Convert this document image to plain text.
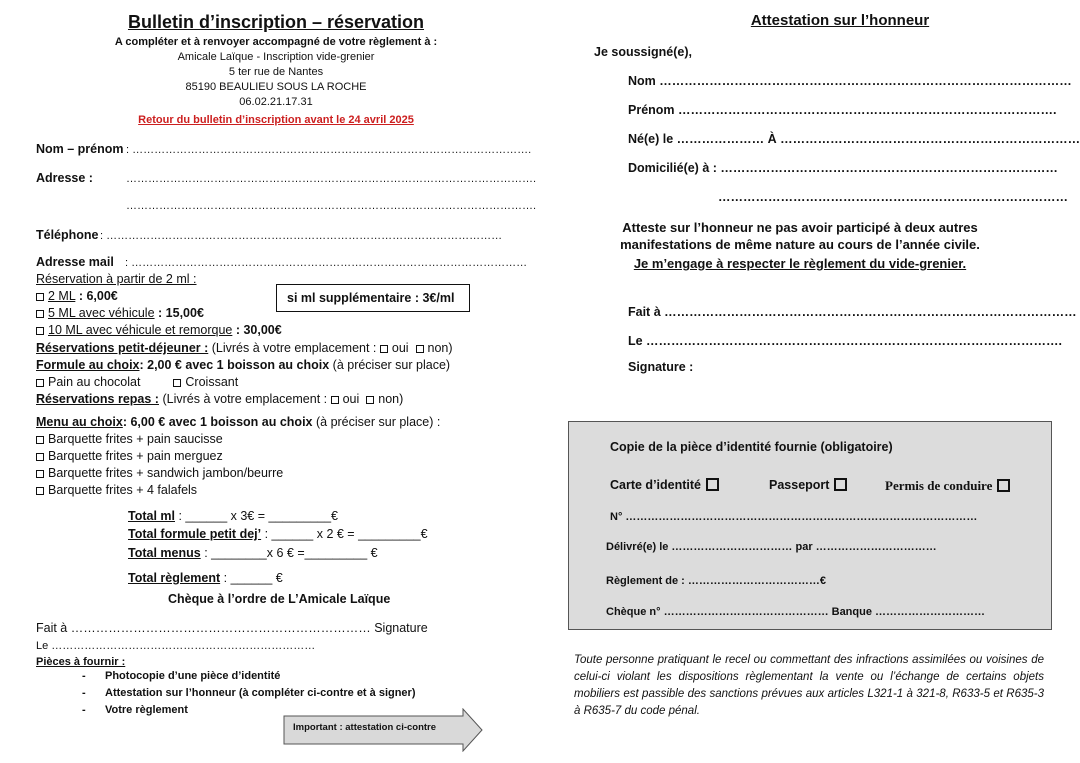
Bulletin d’inscription – réservation
A compléter et à renvoyer accompagné de votre règlement à :
Amicale Laïque - Inscription vide-grenier
5 ter rue de Nantes
85190 BEAULIEU SOUS LA ROCHE
06.02.21.17.31
Retour du bulletin d’inscription avant le 24 avril 2025
Nom – prénom : ……………………………………………………………………………………………….
Adresse :	………………………………………………………………………………………………….
………………………………………………………………………………………………….
Téléphone : ………………………………………………………………………………………………
Adresse mail : ………………………………………………………………………………………………
Réservation à partir de 2 ml :
2 ML : 6,00€
5 ML avec véhicule : 15,00€
10 ML avec véhicule et remorque : 30,00€
si ml supplémentaire : 3€/ml
Réservations petit-déjeuner : (Livrés à votre emplacement : oui non)
Formule au choix: 2,00 € avec 1 boisson au choix (à préciser sur place)
Pain au chocolat	Croissant
Réservations repas : (Livrés à votre emplacement : oui non)
Menu au choix: 6,00 € avec 1 boisson au choix (à préciser sur place) :
Barquette frites + pain saucisse
Barquette frites + pain merguez
Barquette frites + sandwich jambon/beurre
Barquette frites + 4 falafels
Total ml : ______ x 3€ = _________€
Total formule petit dej’ : ______ x 2 € = _________€
Total menus : ________x 6 € =_________ €
Total règlement : ______ €
Chèque à l’ordre de L’Amicale Laïque
Fait à ……………………………………………………………… Signature
Le ………………………………………………………………
Pièces à fournir :
- Photocopie d’une pièce d’identité
- Attestation sur l’honneur (à compléter ci-contre et à signer)
- Votre règlement
Important : attestation ci-contre
Attestation sur l’honneur
Je soussigné(e),
Nom ………………………………………………………………………………………
Prénom ……………………………………………………………………………….
Né(e) le ………………… À ………………………………………………………………
Domicilié(e) à : ………………………………………………………………………
…………………………………………………………………………
Atteste sur l’honneur ne pas avoir participé à deux autres
manifestations de même nature au cours de l’année civile.
Je m’engage à respecter le règlement du vide-grenier.
Fait à ………………………………………………………………………………………
Le ……………………………………………………………………………………….
Signature :
Copie de la pièce d’identité fournie (obligatoire)
Carte d’identité	Passeport	Permis de conduire
N° ……………………………………………………………………………………
Délivré(e) le …………………………… par ……………………………
Règlement de : ………………………………€
Chèque n° ……………………………………… Banque …………………………
Toute personne pratiquant le recel ou commettant des infractions assimilées ou voisines de celui-ci violant les dispositions règlementant la vente ou l’échange de certains objets mobiliers est passible des sanctions prévues aux articles L321-1 à 321-8, R633-5 et R635-3 à R635-7 du code pénal.
